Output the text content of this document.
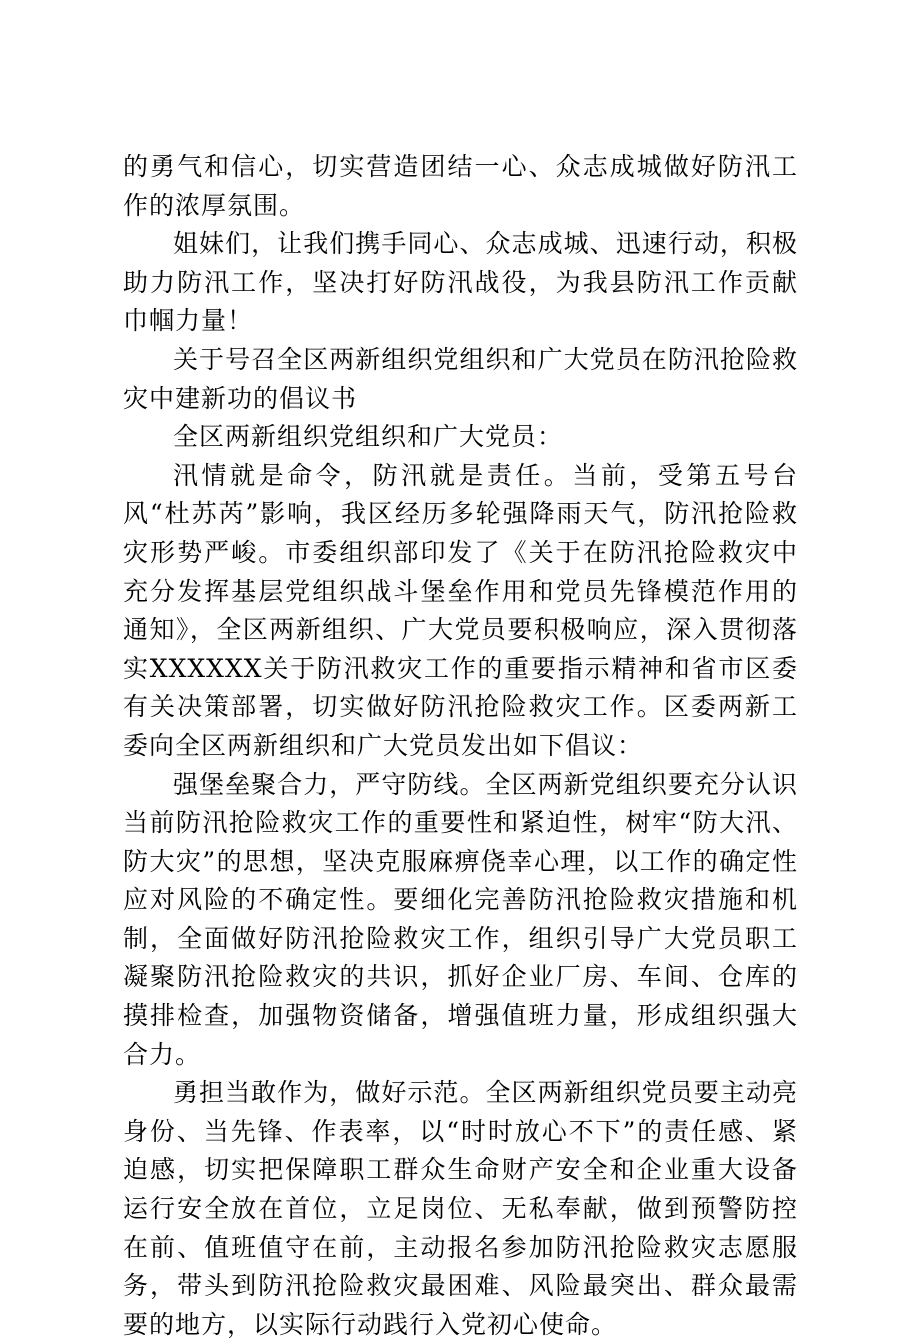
的勇气和信心，切实营造团结一心、众志成城做好防汛工作的浓厚氛围。

姐妹们，让我们携手同心、众志成城、迅速行动，积极助力防汛工作，坚决打好防汛战役，为我县防汛工作贡献巾帼力量！

关于号召全区两新组织党组织和广大党员在防汛抢险救灾中建新功的倡议书

全区两新组织党组织和广大党员：

汛情就是命令，防汛就是责任。当前，受第五号台风“杜苏芮”影响，我区经历多轮强降雨天气，防汛抢险救灾形势严峻。市委组织部印发了《关于在防汛抢险救灾中充分发挥基层党组织战斗堡垒作用和党员先锋模范作用的通知》，全区两新组织、广大党员要积极响应，深入贯彻落实XXXXXX关于防汛救灾工作的重要指示精神和省市区委有关决策部署，切实做好防汛抢险救灾工作。区委两新工委向全区两新组织和广大党员发出如下倡议：

强堡垒聚合力，严守防线。全区两新党组织要充分认识当前防汛抢险救灾工作的重要性和紧迫性，树牢“防大汛、防大灾”的思想，坚决克服麻痹侥幸心理，以工作的确定性应对风险的不确定性。要细化完善防汛抢险救灾措施和机制，全面做好防汛抢险救灾工作，组织引导广大党员职工凝聚防汛抢险救灾的共识，抓好企业厂房、车间、仓库的摸排检查，加强物资储备，增强值班力量，形成组织强大合力。

勇担当敢作为，做好示范。全区两新组织党员要主动亮身份、当先锋、作表率，以“时时放心不下”的责任感、紧迫感，切实把保障职工群众生命财产安全和企业重大设备运行安全放在首位，立足岗位、无私奉献，做到预警防控在前、值班值守在前，主动报名参加防汛抢险救灾志愿服务，带头到防汛抢险救灾最困难、风险最突出、群众最需要的地方，以实际行动践行入党初心使命。
